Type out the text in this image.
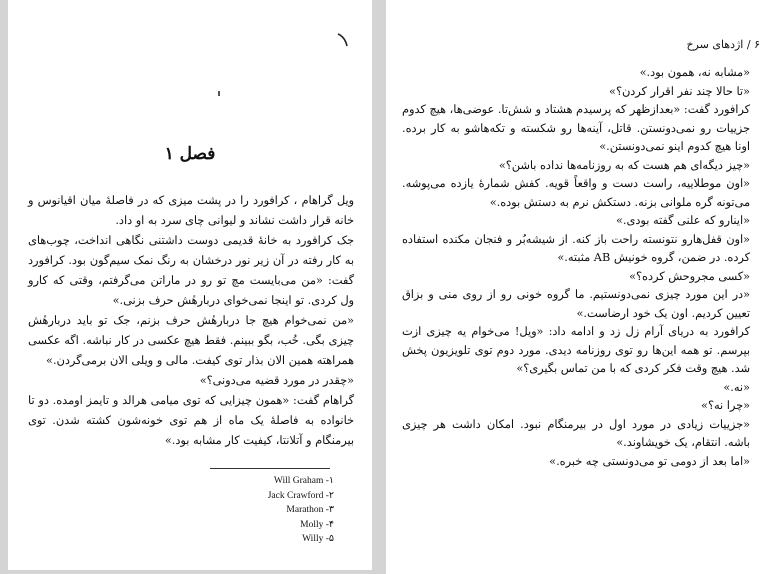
فصل ۱

ویل گراهام ، کرافورد را در پشت میزی که در فاصلهٔ میان اقیانوس و خانه قرار داشت نشاند و لیوانی چای سرد به او داد.

جک کرافورد به خانهٔ قدیمی دوست داشتنی نگاهی انداخت، چوب‌های به کار رفته در آن زیر نور درخشان به رنگ نمک سیم‌گون بود. کرافورد گفت: «من می‌بایست مچ تو رو در ماراتن می‌گرفتم، وقتی که کارو ول کردی. تو اینجا نمی‌خوای دربارهٔش حرف بزنی.»

«من نمی‌خوام هیچ جا دربارهٔش حرف بزنم، جک تو باید دربارهٔش چیزی بگی. خُب، بگو ببینم. فقط هیچ عکسی در کار نباشه. اگه عکسی همراهته همین الان بذار توی کیفت. مالی و ویلی الان برمی‌گردن.»

«چقدر در مورد قضیه می‌دونی؟»

گراهام گفت: «همون چیزایی که توی میامی هرالد و تایمز اومده. دو تا خانواده به فاصلهٔ یک ماه از هم توی خونه‌شون کشته شدن. توی بیرمنگام و آتلانتا، کیفیت کار مشابه بود.»

Will Graham -۱
Jack Crawford -۲
Marathon -۳
Molly -۴
Willy -۵
۶ / اژدهای سرخ

«مشابه نه، همون بود.»

«تا حالا چند نفر اقرار کردن؟»

کرافورد گفت: «بعدازظهر که پرسیدم هشتاد و شش‌تا. عوضی‌ها، هیچ کدوم جزییات رو نمی‌دونستن. قاتل، آینه‌ها رو شکسته و تکه‌هاشو به کار برده. اونا هیچ کدوم اینو نمی‌دونستن.»

«چیز دیگه‌ای هم هست که به روزنامه‌ها نداده باشن؟»

«اون موطلاییه، راست دست و واقعاً قویه. کفش شمارهٔ یازده می‌پوشه. می‌تونه گره ملوانی بزنه. دستکش نرم به دستش بوده.»

«اینارو که علنی گفته بودی.»

«اون قفل‌هارو نتونسته راحت باز کنه. از شیشه‌بُر و فنجان مکنده استفاده کرده. در ضمن، گروه خونیش AB مثبته.»

«کسی مجروحش کرده؟»

«در این مورد چیزی نمی‌دونستیم. ما گروه خونی رو از روی منی و بزاق تعیین کردیم. اون یک خود ارضاست.»

کرافورد به دریای آرام زل زد و ادامه داد: «ویل! می‌خوام یه چیزی ازت بپرسم. تو همه این‌ها رو توی روزنامه دیدی. مورد دوم توی تلویزیون پخش شد. هیچ وقت فکر کردی که با من تماس بگیری؟»

«نه.»

«چرا نه؟»

«جزییات زیادی در مورد اول در بیرمنگام نبود. امکان داشت هر چیزی باشه. انتقام، یک خویشاوند.»

«اما بعد از دومی تو می‌دونستی چه خبره.»
